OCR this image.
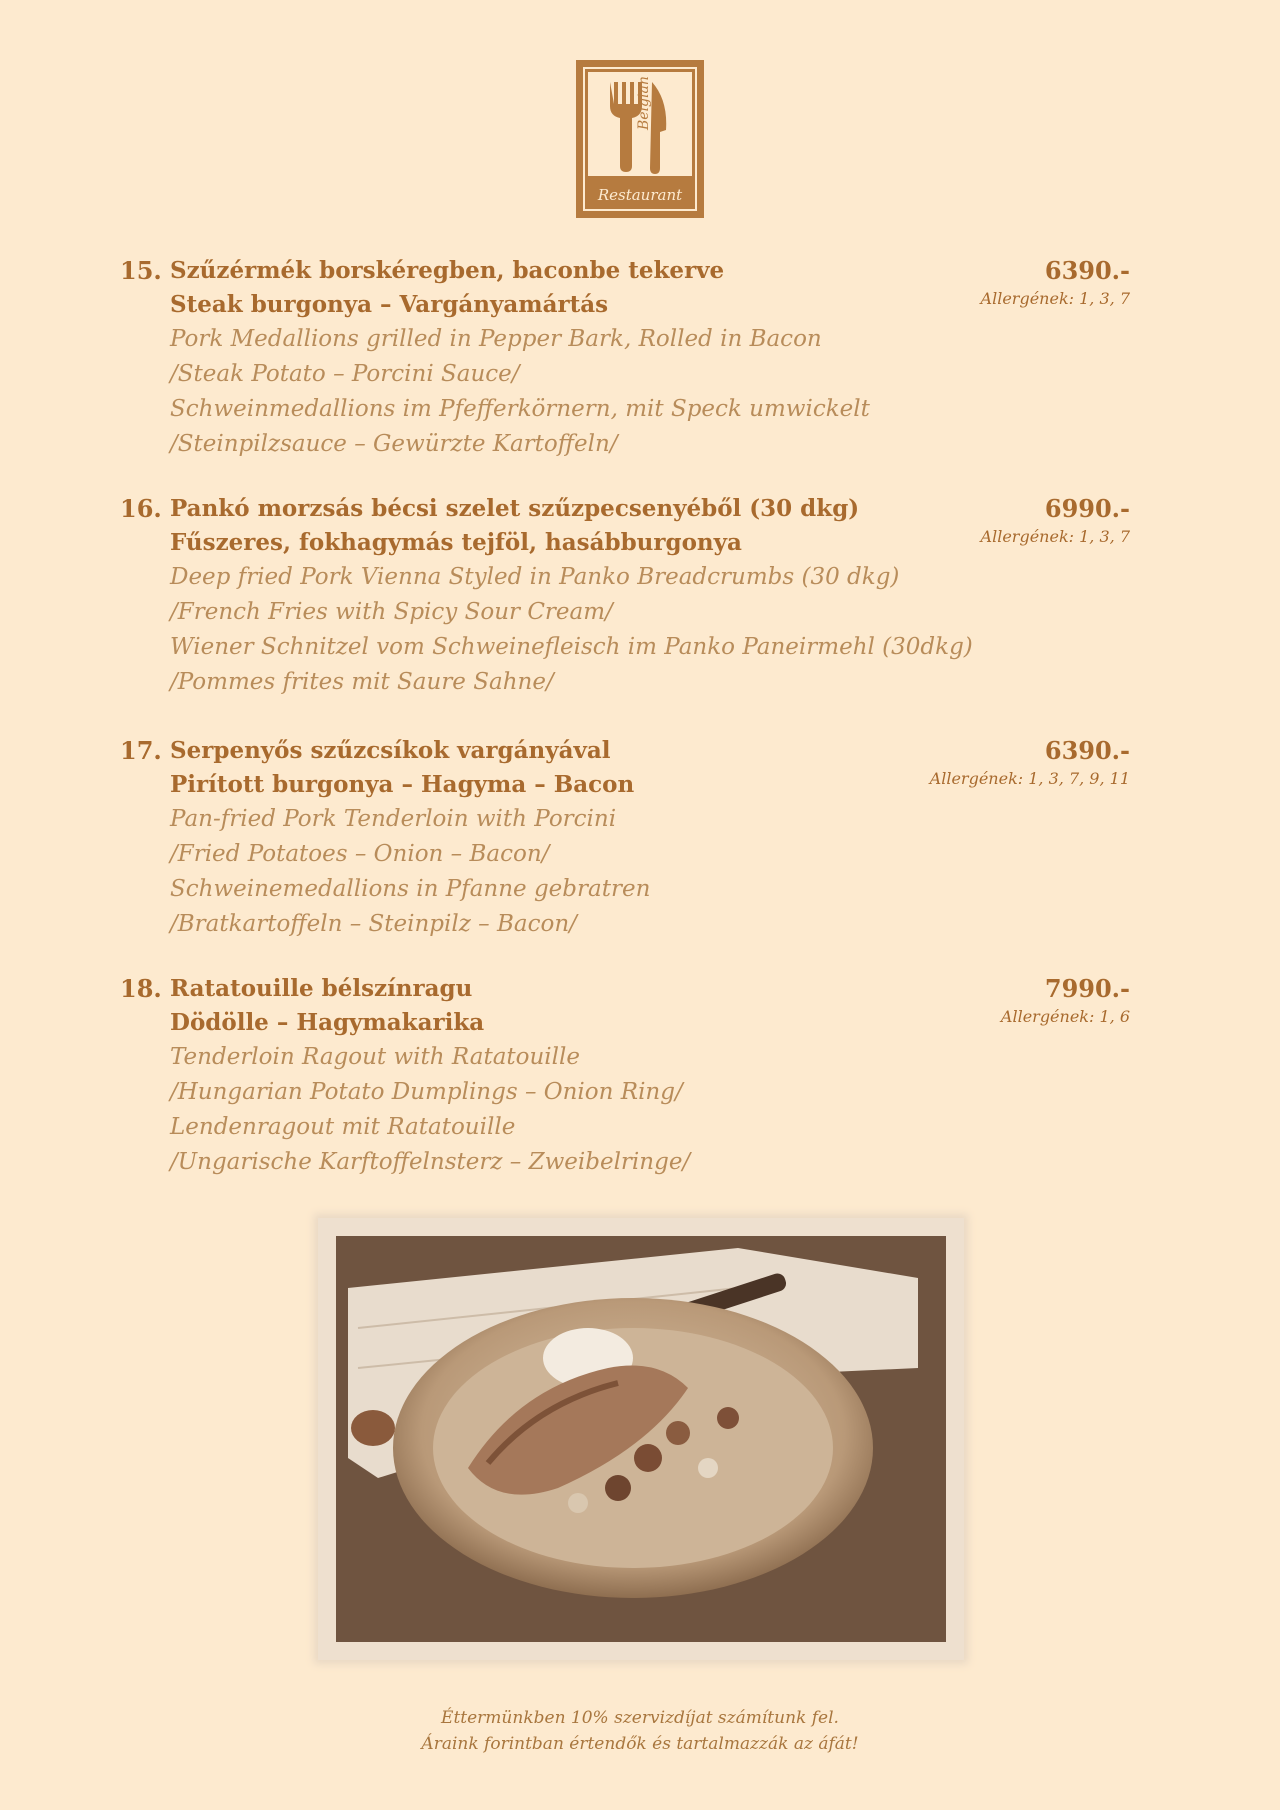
Belgian
Restaurant
15. Szűzérmék borskéregben, baconbe tekerve
Steak burgonya – Vargányamártás
Pork Medallions grilled in Pepper Bark, Rolled in Bacon
/Steak Potato – Porcini Sauce/
Schweinmedallions im Pfefferkörnern, mit Speck umwickelt
/Steinpilzsauce – Gewürzte Kartoffeln/
6390.-
Allergének: 1, 3, 7
16. Pankó morzsás bécsi szelet szűzpecsenyéből (30 dkg)
Fűszeres, fokhagymás tejföl, hasábburgonya
Deep fried Pork Vienna Styled in Panko Breadcrumbs (30 dkg)
/French Fries with Spicy Sour Cream/
Wiener Schnitzel vom Schweinefleisch im Panko Paneirmehl (30dkg)
/Pommes frites mit Saure Sahne/
6990.-
Allergének: 1, 3, 7
17. Serpenyős szűzcsíkok vargányával
Pirított burgonya – Hagyma – Bacon
Pan-fried Pork Tenderloin with Porcini
/Fried Potatoes – Onion – Bacon/
Schweinemedallions in Pfanne gebratren
/Bratkartoffeln – Steinpilz – Bacon/
6390.-
Allergének: 1, 3, 7, 9, 11
18. Ratatouille bélszínragu
Dödölle – Hagymakarika
Tenderloin Ragout with Ratatouille
/Hungarian Potato Dumplings – Onion Ring/
Lendenragout mit Ratatouille
/Ungarische Karftoffelnsterz – Zweibelringe/
7990.-
Allergének: 1, 6
Éttermünkben 10% szervizdíjat számítunk fel.
Áraink forintban értendők és tartalmazzák az áfát!
